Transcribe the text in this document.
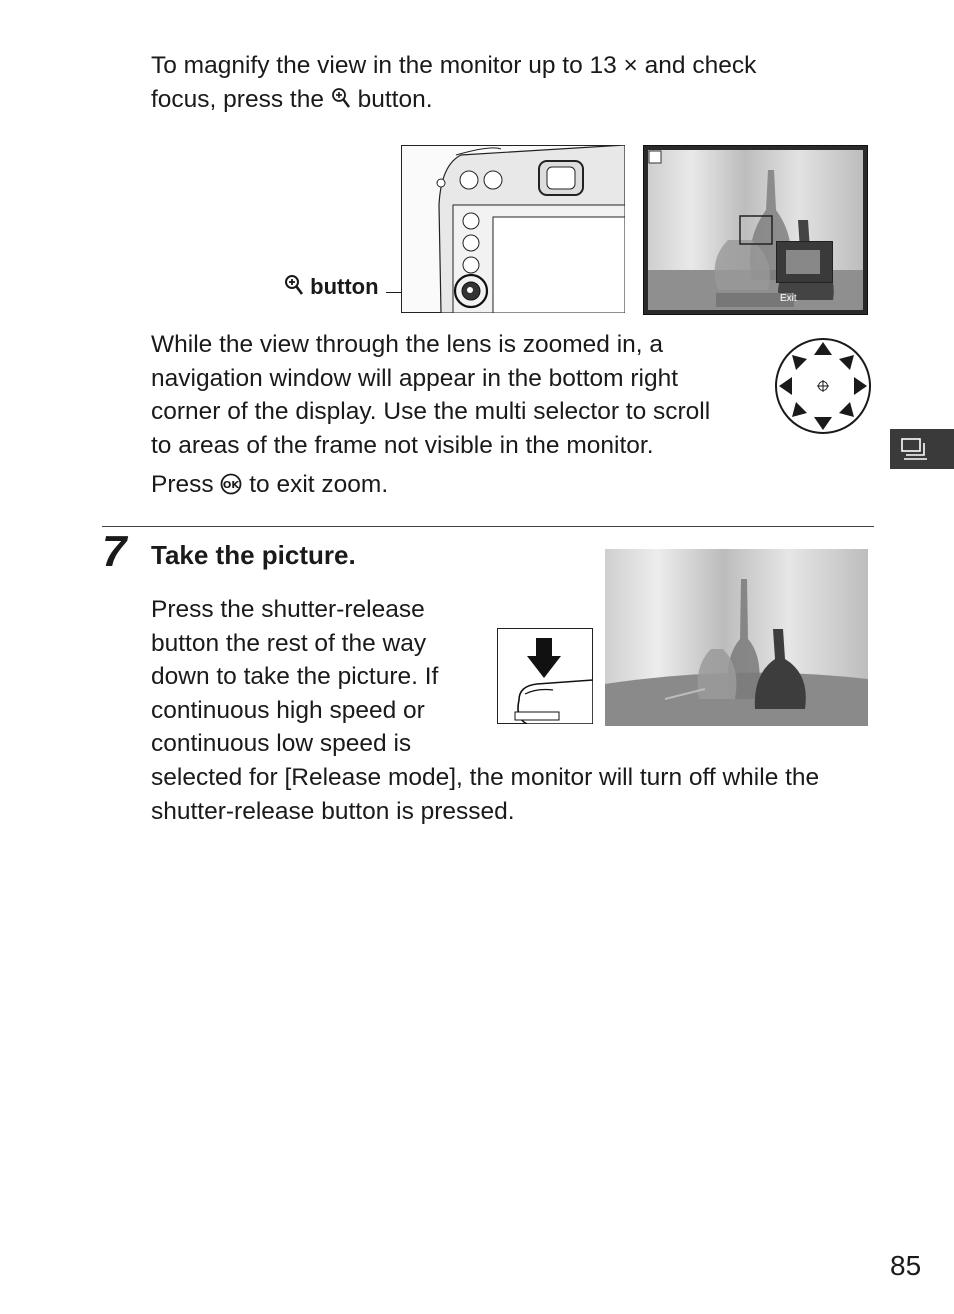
To magnify the view in the monitor up to 13 × and check
focus, press the  button.
button	Exit
While the view through the lens is zoomed in, a
navigation window will appear in the bottom right
corner of the display. Use the multi selector to scroll
to areas of the frame not visible in the monitor.
Press OK to exit zoom.
7 Take the picture.
Press the shutter-release
button the rest of the way
down to take the picture. If
continuous high speed or
continuous low speed is
selected for [Release mode], the monitor will turn off while the
shutter-release button is pressed.
85
